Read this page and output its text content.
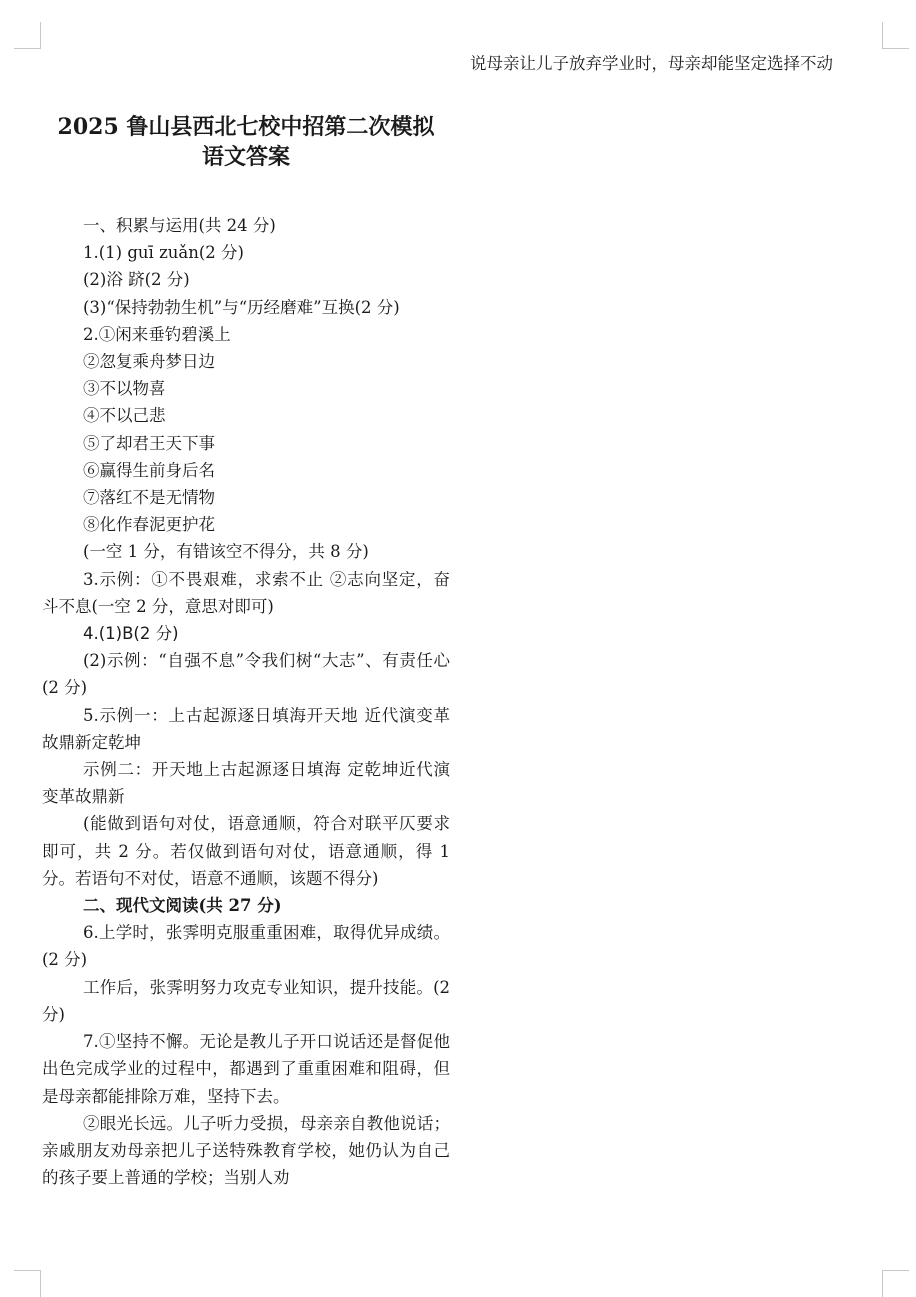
2025 鲁山县西北七校中招第二次模拟
语文答案

一、积累与运用(共 24 分)

1.(1) guī zuǎn(2 分)

(2)浴 跻(2 分)

(3)“保持勃勃生机”与“历经磨难”互换(2 分)

2.①闲来垂钓碧溪上

②忽复乘舟梦日边

③不以物喜

④不以己悲

⑤了却君王天下事

⑥赢得生前身后名

⑦落红不是无情物

⑧化作春泥更护花

(一空 1 分，有错该空不得分，共 8 分)

3.示例：①不畏艰难，求索不止 ②志向坚定，奋斗不息(一空 2 分，意思对即可)

4.(1)B(2 分)

(2)示例：“自强不息”令我们树“大志”、有责任心(2 分)

5.示例一：上古起源逐日填海开天地 近代演变革故鼎新定乾坤

示例二：开天地上古起源逐日填海 定乾坤近代演变革故鼎新

(能做到语句对仗，语意通顺，符合对联平仄要求即可，共 2 分。若仅做到语句对仗，语意通顺，得 1 分。若语句不对仗，语意不通顺，该题不得分)

二、现代文阅读(共 27 分)

6.上学时，张霁明克服重重困难，取得优异成绩。(2 分)

工作后，张霁明努力攻克专业知识，提升技能。(2 分)

7.①坚持不懈。无论是教儿子开口说话还是督促他出色完成学业的过程中，都遇到了重重困难和阻碍，但是母亲都能排除万难，坚持下去。

②眼光长远。儿子听力受损，母亲亲自教他说话；亲戚朋友劝母亲把儿子送特殊教育学校，她仍认为自己的孩子要上普通的学校；当别人劝

说母亲让儿子放弃学业时，母亲却能坚定选择不动
